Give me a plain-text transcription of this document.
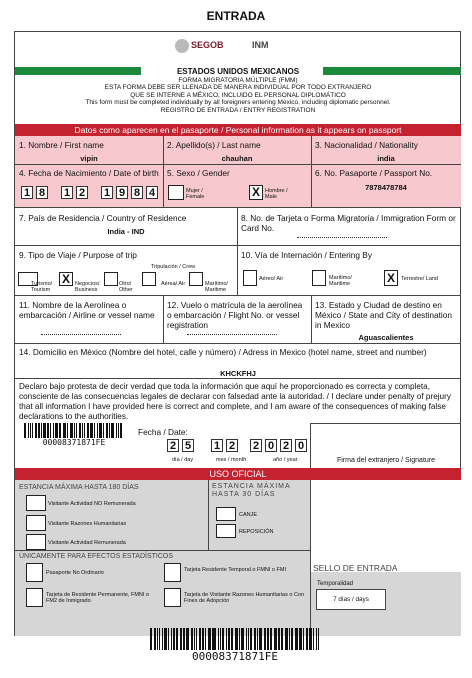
ENTRADA
SEGOB	INM
ESTADOS UNIDOS MEXICANOS
FORMA MIGRATORIA MÚLTIPLE (FMM)
ESTA FORMA DEBE SER LLENADA DE MANERA INDIVIDUAL POR TODO EXTRANJERO
QUE SE INTERNE A MÉXICO, INCLUIDO EL PERSONAL DIPLOMÁTICO
This form must be completed individually by all foreigners entering Mexico, including diplomatic personnel.
REGISTRO DE ENTRADA / ENTRY REGISTRATION
Datos como aparecen en el pasaporte / Personal information as it appears on passport
1. Nombre / First name
vipin
2. Apellido(s) / Last name
chauhan
3. Nacionalidad / Nationality
india
4. Fecha de Nacimiento / Date of birth
1 8 1 2 1 9 8 4
5. Sexo / Gender
Mujer / Female	X Hombre / Male
6. No. Pasaporte / Passport No.
7878478784
7. País de Residencia / Country of Residence
India - IND
8. No. de Tarjeta o Forma Migratoria / Immigration Form or Card No.
9. Tipo de Viaje / Purpose of trip
Tripulación / Crew
Turismo/ Tourism
X Negocios/ Business
Otro/ Other
Aérea/ Air	Marítimo/ Maritime
10. Vía de Internación / Entering By
Aéreo/ Air	Marítimo/ Maritime	X	Terrestre/ Land
11. Nombre de la Aerolínea o embarcación / Airline or vessel name
12. Vuelo o matrícula de la aerolínea o embarcación / Flight No. or vessel registration
13. Estado y Ciudad de destino en México / State and City of destination in Mexico
Aguascalientes
14. Domicilio en México (Nombre del hotel, calle y número) / Adress in Mexico (hotel name, street and number)
KHCKFHJ
Declaro bajo protesta de decir verdad que toda la información que aquí he proporcionado es correcta y completa, consciente de las consecuencias legales de declarar con falsedad ante la autoridad. / I declare under penalty of prejury that all information I have provided here is correct and complete, and I am aware of the consequences of making false declarations to the authorities.
00008371871FE
Fecha / Date:
2 5 1 2 2 0 2 0
día / day	mes / month	año / year	Firma del extranjero / Signature
USO OFICIAL
ESTANCIA MÁXIMA HASTA 180 DÍAS
Visitante Actividad NO Remunerada
Visitante Razones Humanitarias
Visitante Actividad Remunerada
ESTANCIA MÁXIMA HASTA 30 DÍAS
CANJE
REPOSICIÓN
ÚNICAMENTE PARA EFECTOS ESTADÍSTICOS
Pasaporte No Ordinario	Tarjeta Residente Temporal o FMNI o FMI
Tarjeta de Residente Permanente, FMNI o FM2 de Inmigrado
Tarjeta de Visitante Razones Humanitarias o Con Fines de Adopción
SELLO DE ENTRADA
Temporalidad
7 días / days
00008371871FE
